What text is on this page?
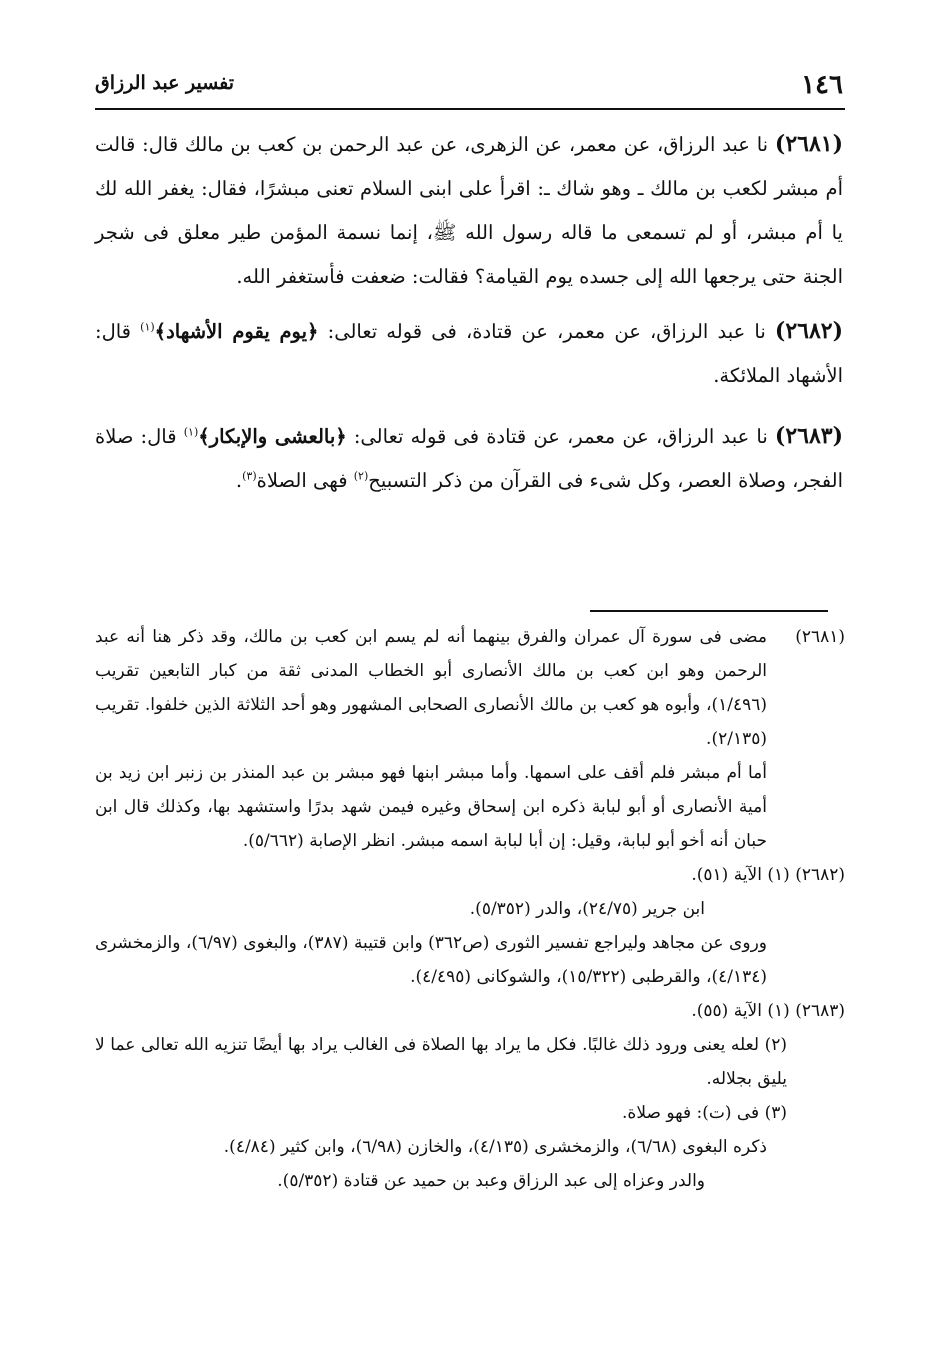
١٤٦
تفسير عبد الرزاق

(٢٦٨١) نا عبد الرزاق، عن معمر، عن الزهرى، عن عبد الرحمن بن كعب بن مالك قال: قالت أم مبشر لكعب بن مالك ـ وهو شاك ـ: اقرأ على ابنى السلام تعنى مبشرًا، فقال: يغفر الله لك يا أم مبشر، أو لم تسمعى ما قاله رسول الله ﷺ، إنما نسمة المؤمن طير معلق فى شجر الجنة حتى يرجعها الله إلى جسده يوم القيامة؟ فقالت: ضعفت فأستغفر الله.

(٢٦٨٢) نا عبد الرزاق، عن معمر، عن قتادة، فى قوله تعالى: ﴿يوم يقوم الأشهاد﴾$^{(١)}$ قال: الأشهاد الملائكة.

(٢٦٨٣) نا عبد الرزاق، عن معمر، عن قتادة فى قوله تعالى: ﴿بالعشى والإبكار﴾$^{(١)}$ قال: صلاة الفجر، وصلاة العصر، وكل شىء فى القرآن من ذكر التسبيح$^{(٢)}$ فهى الصلاة$^{(٣)}$.

(٢٦٨١)
مضى فى سورة آل عمران والفرق بينهما أنه لم يسم ابن كعب بن مالك، وقد ذكر هنا أنه عبد الرحمن وهو ابن كعب بن مالك الأنصارى أبو الخطاب المدنى ثقة من كبار التابعين تقريب (١/٤٩٦)، وأبوه هو كعب بن مالك الأنصارى الصحابى المشهور وهو أحد الثلاثة الذين خلفوا. تقريب (٢/١٣٥).
أما أم مبشر فلم أقف على اسمها. وأما مبشر ابنها فهو مبشر بن عبد المنذر بن زنبر ابن زيد بن أمية الأنصارى أو أبو لبابة ذكره ابن إسحاق وغيره فيمن شهد بدرًا واستشهد بها، وكذلك قال ابن حبان أنه أخو أبو لبابة، وقيل: إن أبا لبابة اسمه مبشر. انظر الإصابة (٥/٦٦٢).
(٢٦٨٢) (١) الآية (٥١).
ابن جرير (٢٤/٧٥)، والدر (٥/٣٥٢).
وروى عن مجاهد وليراجع تفسير الثورى (ص٣٦٢) وابن قتيبة (٣٨٧)، والبغوى (٦/٩٧)، والزمخشرى (٤/١٣٤)، والقرطبى (١٥/٣٢٢)، والشوكانى (٤/٤٩٥).
(٢٦٨٣) (١) الآية (٥٥).
(٢) لعله يعنى ورود ذلك غالبًا. فكل ما يراد بها الصلاة فى الغالب يراد بها أيضًا تنزيه الله تعالى عما لا يليق بجلاله.
(٣) فى (ت): فهو صلاة.
ذكره البغوى (٦/٦٨)، والزمخشرى (٤/١٣٥)، والخازن (٦/٩٨)، وابن كثير (٤/٨٤).
والدر وعزاه إلى عبد الرزاق وعبد بن حميد عن قتادة (٥/٣٥٢).
